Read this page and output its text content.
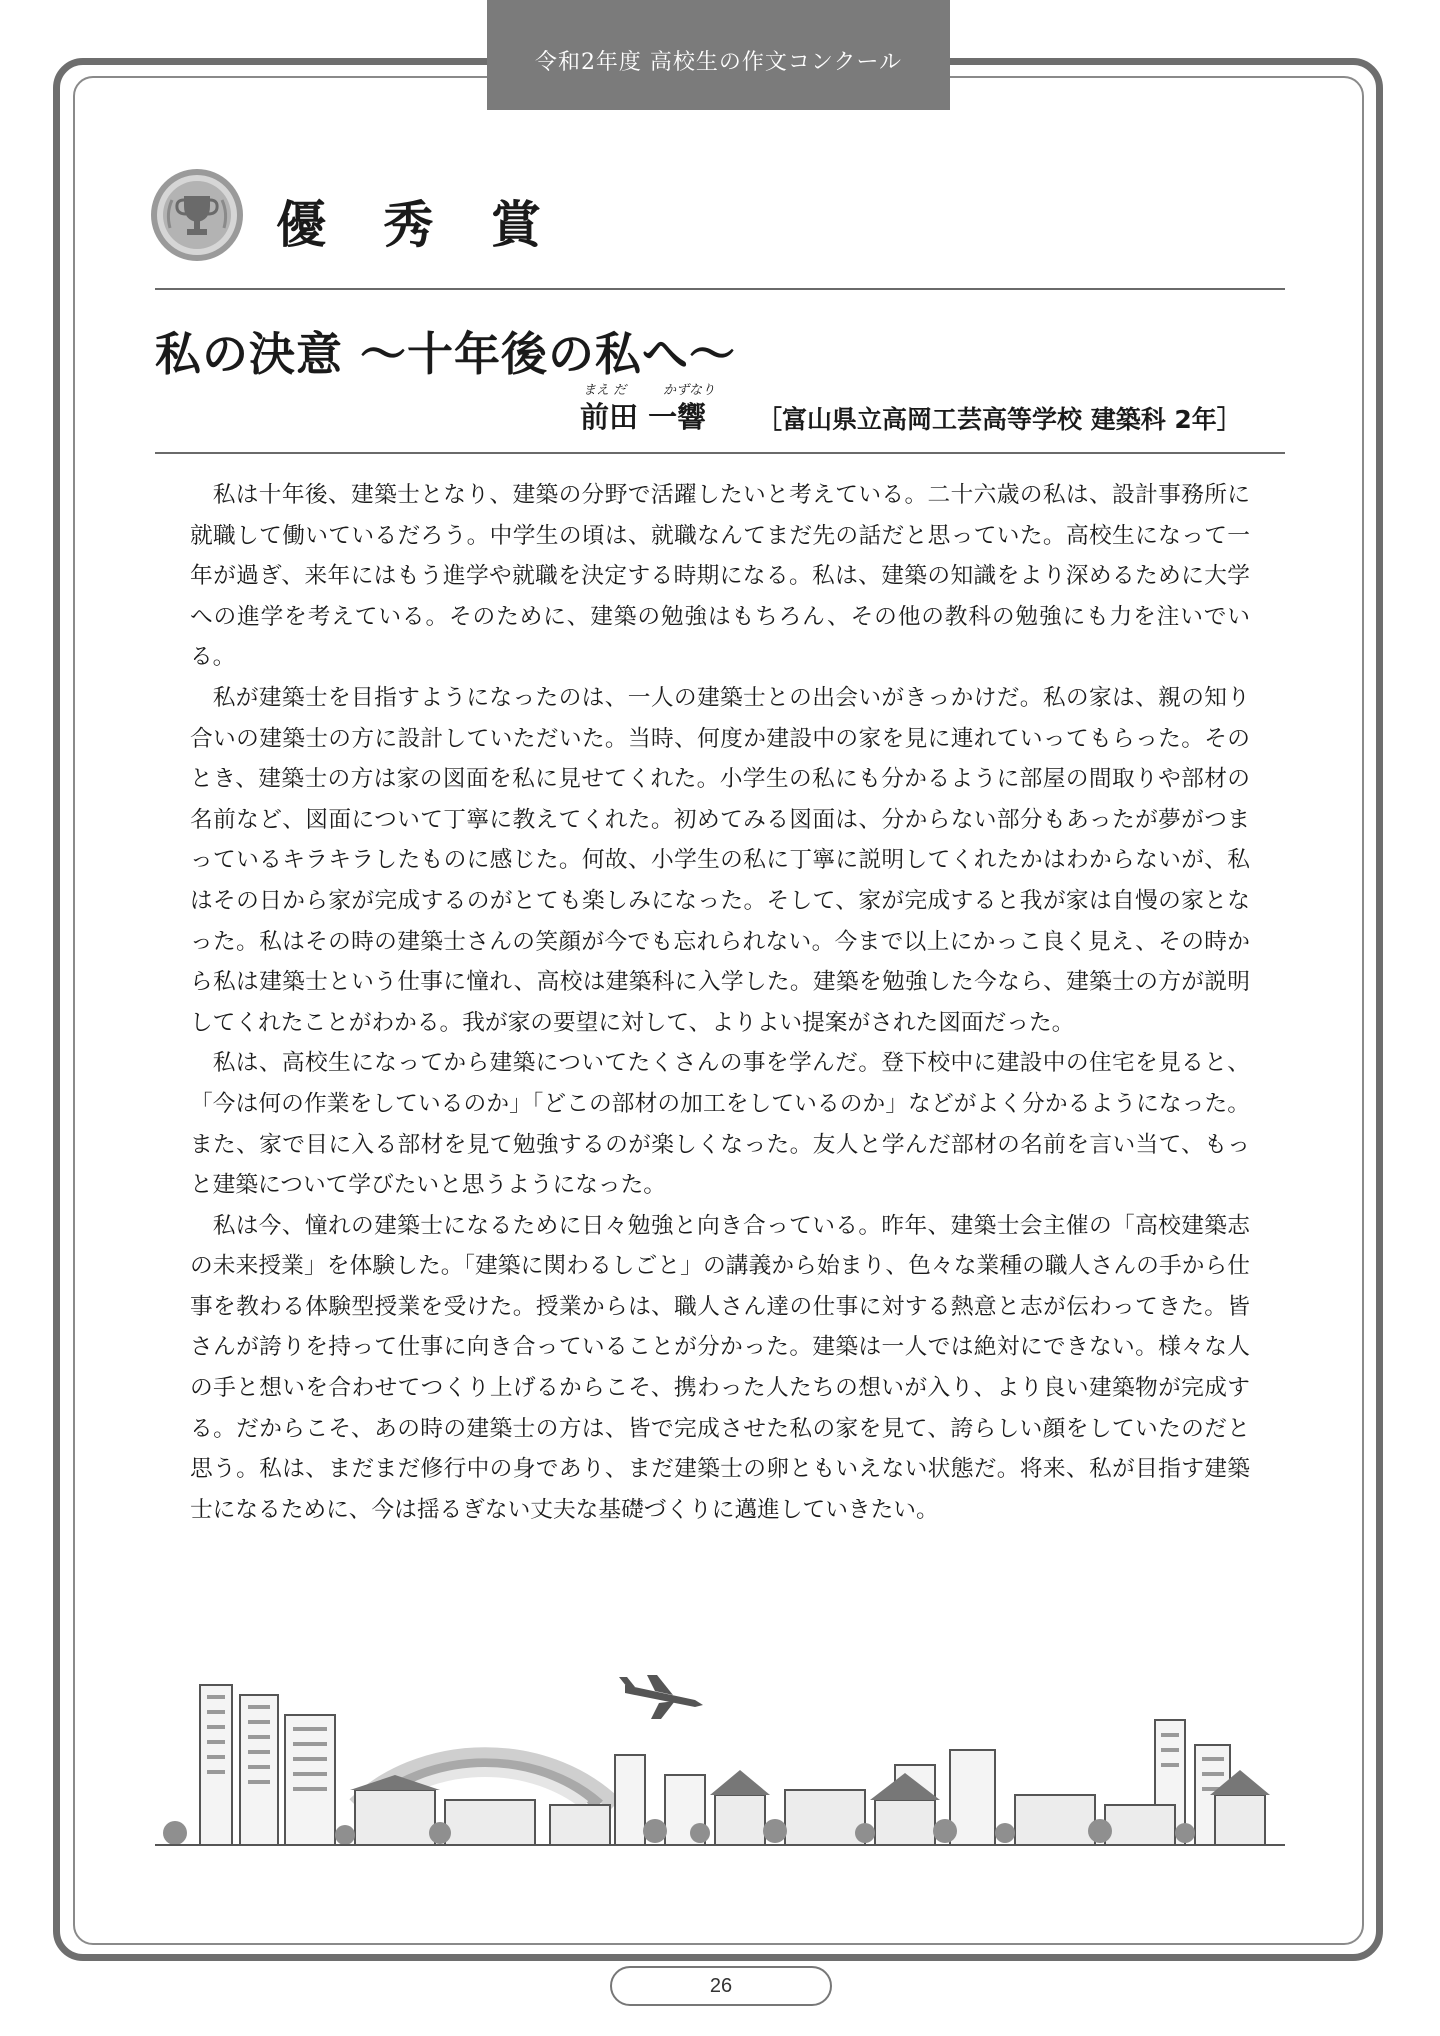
令和2年度 高校生の作文コンクール
優 秀 賞
私の決意 ～十年後の私へ～
まえ だ	かずなり
前田 一響 ［富山県立高岡工芸高等学校 建築科 2年］

私は十年後、建築士となり、建築の分野で活躍したいと考えている。二十六歳の私は、設計事務所に就職して働いているだろう。中学生の頃は、就職なんてまだ先の話だと思っていた。高校生になって一年が過ぎ、来年にはもう進学や就職を決定する時期になる。私は、建築の知識をより深めるために大学への進学を考えている。そのために、建築の勉強はもちろん、その他の教科の勉強にも力を注いでいる。

私が建築士を目指すようになったのは、一人の建築士との出会いがきっかけだ。私の家は、親の知り合いの建築士の方に設計していただいた。当時、何度か建設中の家を見に連れていってもらった。そのとき、建築士の方は家の図面を私に見せてくれた。小学生の私にも分かるように部屋の間取りや部材の名前など、図面について丁寧に教えてくれた。初めてみる図面は、分からない部分もあったが夢がつまっているキラキラしたものに感じた。何故、小学生の私に丁寧に説明してくれたかはわからないが、私はその日から家が完成するのがとても楽しみになった。そして、家が完成すると我が家は自慢の家となった。私はその時の建築士さんの笑顔が今でも忘れられない。今まで以上にかっこ良く見え、その時から私は建築士という仕事に憧れ、高校は建築科に入学した。建築を勉強した今なら、建築士の方が説明してくれたことがわかる。我が家の要望に対して、よりよい提案がされた図面だった。

私は、高校生になってから建築についてたくさんの事を学んだ。登下校中に建設中の住宅を見ると、「今は何の作業をしているのか」「どこの部材の加工をしているのか」などがよく分かるようになった。また、家で目に入る部材を見て勉強するのが楽しくなった。友人と学んだ部材の名前を言い当て、もっと建築について学びたいと思うようになった。

私は今、憧れの建築士になるために日々勉強と向き合っている。昨年、建築士会主催の「高校建築志の未来授業」を体験した。「建築に関わるしごと」の講義から始まり、色々な業種の職人さんの手から仕事を教わる体験型授業を受けた。授業からは、職人さん達の仕事に対する熱意と志が伝わってきた。皆さんが誇りを持って仕事に向き合っていることが分かった。建築は一人では絶対にできない。様々な人の手と想いを合わせてつくり上げるからこそ、携わった人たちの想いが入り、より良い建築物が完成する。だからこそ、あの時の建築士の方は、皆で完成させた私の家を見て、誇らしい顔をしていたのだと思う。私は、まだまだ修行中の身であり、まだ建築士の卵ともいえない状態だ。将来、私が目指す建築士になるために、今は揺るぎない丈夫な基礎づくりに邁進していきたい。

26
